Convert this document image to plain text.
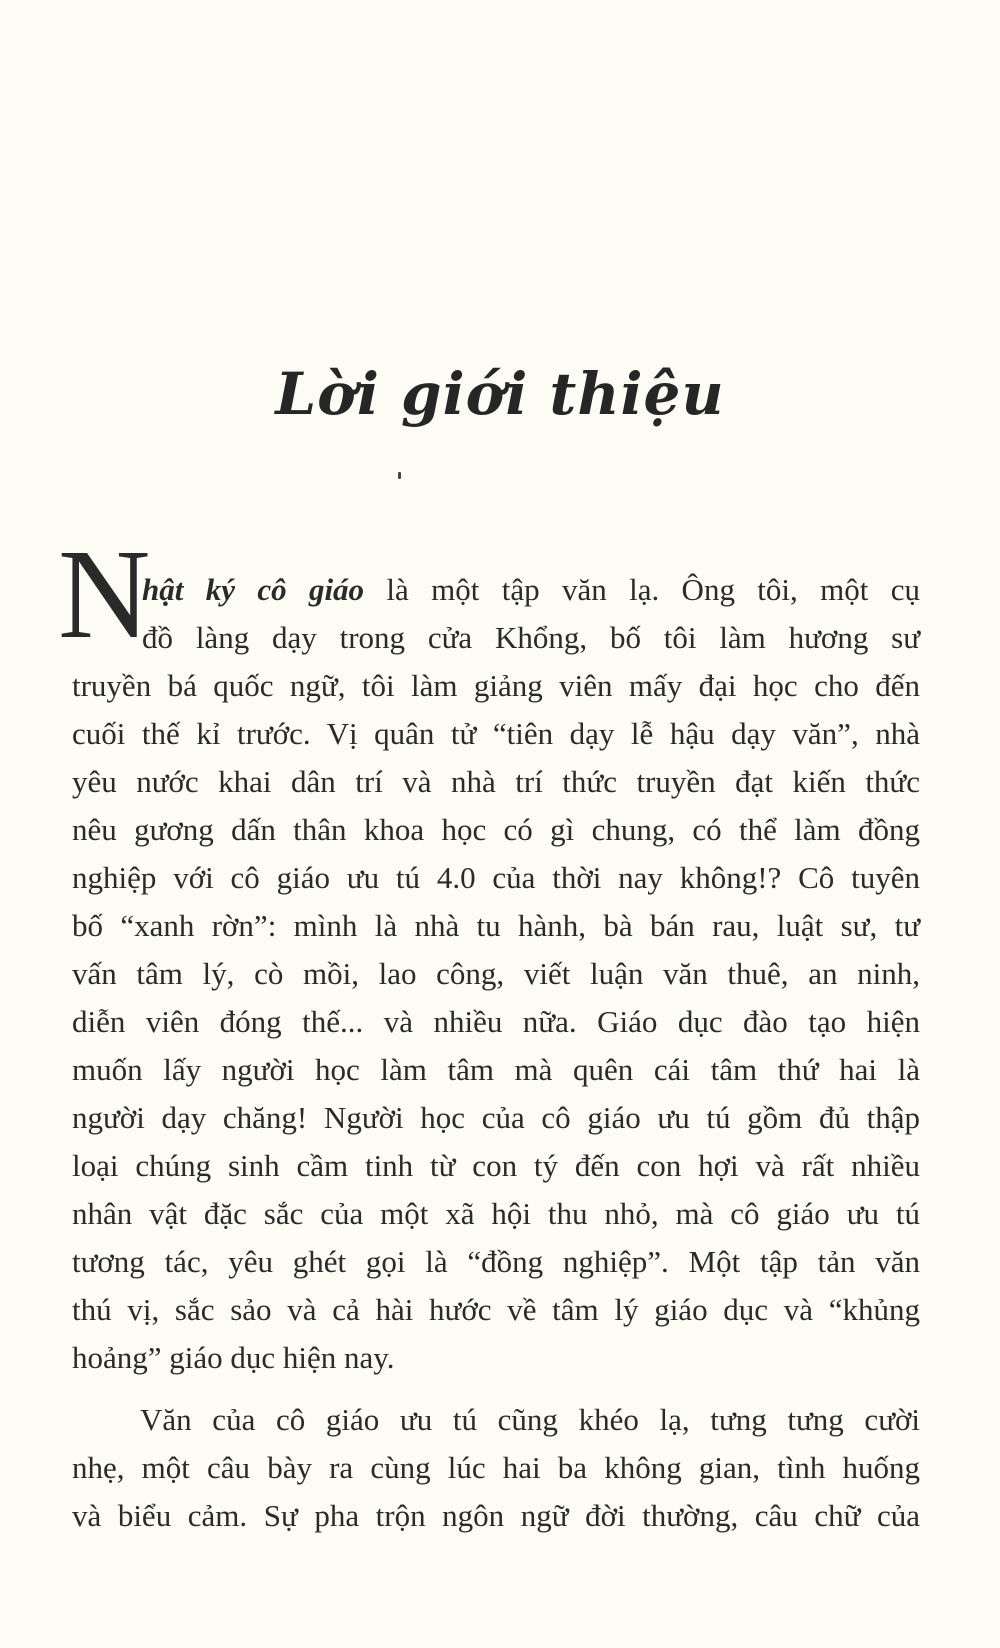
Lời giới thiệu
N
hật ký cô giáo là một tập văn lạ. Ông tôi, một cụ
đồ làng dạy trong cửa Khổng, bố tôi làm hương sư
truyền bá quốc ngữ, tôi làm giảng viên mấy đại học cho đến
cuối thế kỉ trước. Vị quân tử “tiên dạy lễ hậu dạy văn”, nhà
yêu nước khai dân trí và nhà trí thức truyền đạt kiến thức
nêu gương dấn thân khoa học có gì chung, có thể làm đồng
nghiệp với cô giáo ưu tú 4.0 của thời nay không!? Cô tuyên
bố “xanh rờn”: mình là nhà tu hành, bà bán rau, luật sư, tư
vấn tâm lý, cò mồi, lao công, viết luận văn thuê, an ninh,
diễn viên đóng thế... và nhiều nữa. Giáo dục đào tạo hiện
muốn lấy người học làm tâm mà quên cái tâm thứ hai là
người dạy chăng! Người học của cô giáo ưu tú gồm đủ thập
loại chúng sinh cầm tinh từ con tý đến con hợi và rất nhiều
nhân vật đặc sắc của một xã hội thu nhỏ, mà cô giáo ưu tú
tương tác, yêu ghét gọi là “đồng nghiệp”. Một tập tản văn
thú vị, sắc sảo và cả hài hước về tâm lý giáo dục và “khủng
hoảng” giáo dục hiện nay.
Văn của cô giáo ưu tú cũng khéo lạ, tưng tưng cười
nhẹ, một câu bày ra cùng lúc hai ba không gian, tình huống
và biểu cảm. Sự pha trộn ngôn ngữ đời thường, câu chữ của
